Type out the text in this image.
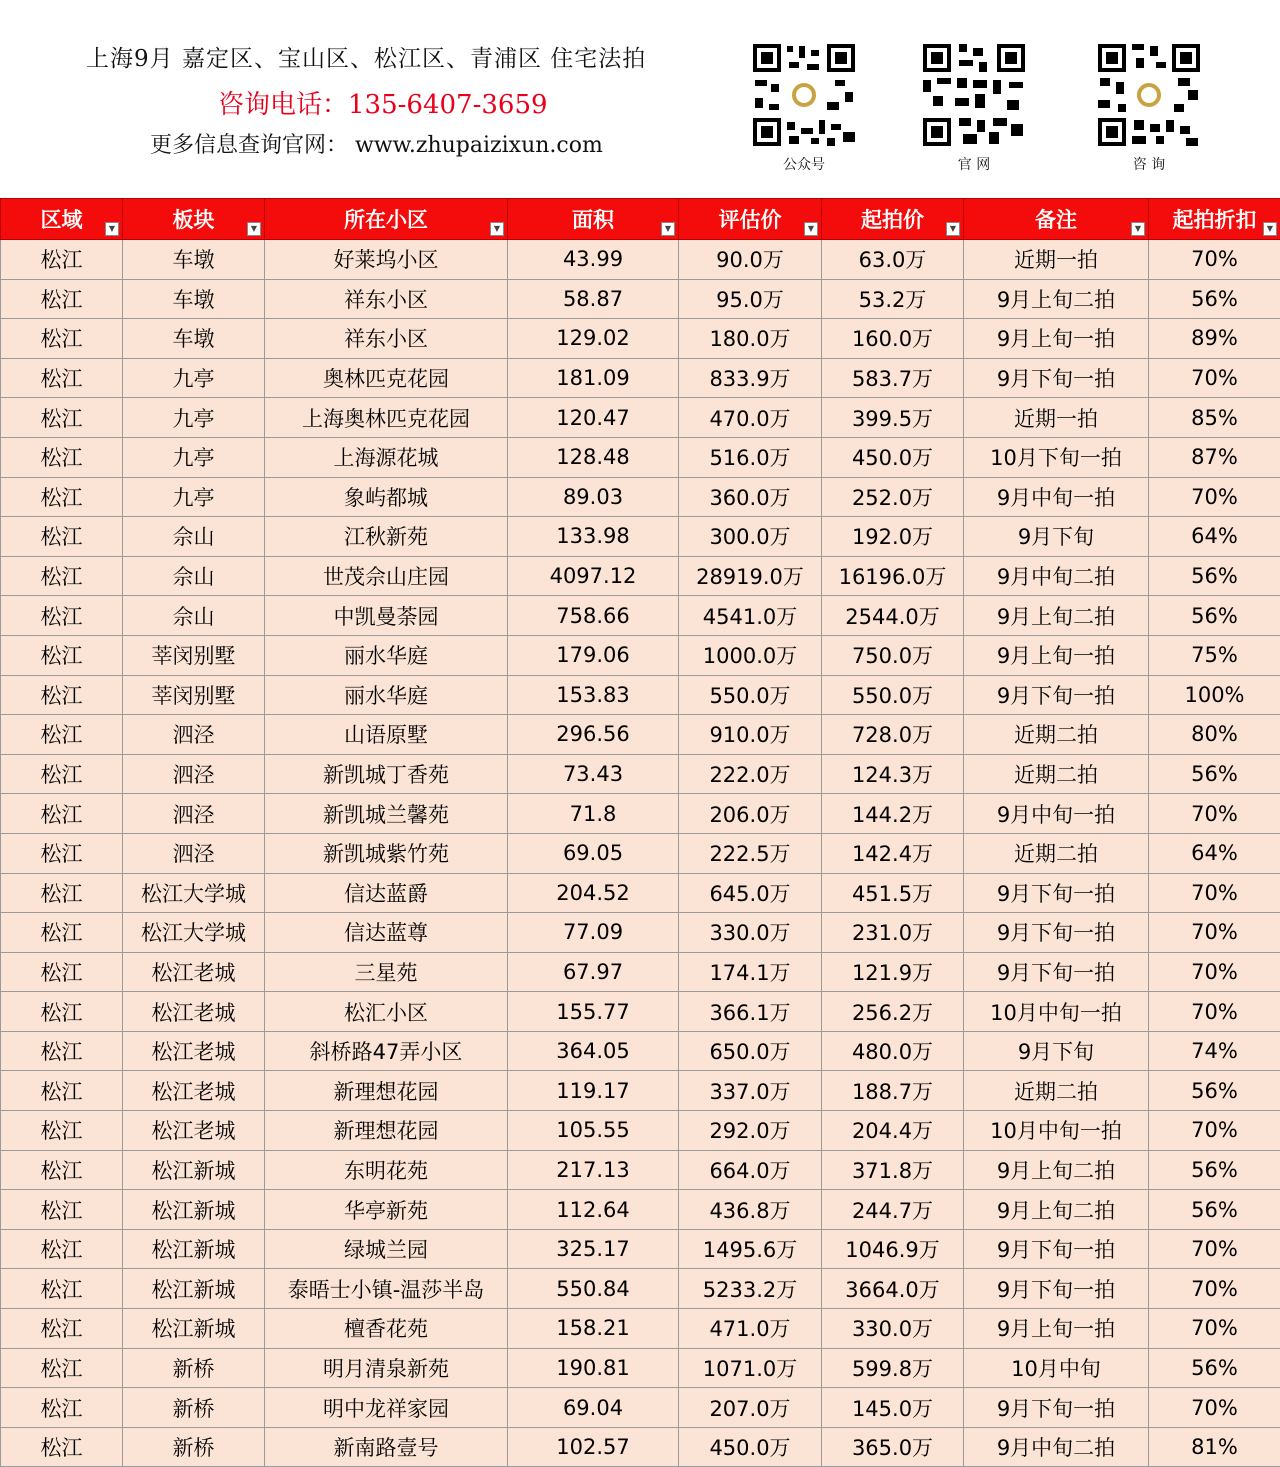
上海9月 嘉定区、宝山区、松江区、青浦区 住宅法拍
咨询电话：135-6407-3659
更多信息查询官网： www.zhupaizixun.com
公众号	官 网	咨 询
区域 ▼	板块 ▼	所在小区 ▼	面积 ▼	评估价 ▼	起拍价 ▼	备注 ▼	起拍折扣 ▼

松江	车墩	好莱坞小区	43.99	90.0万	63.0万	近期一拍	70%
松江	车墩	祥东小区	58.87	95.0万	53.2万	9月上旬二拍	56%
松江	车墩	祥东小区	129.02	180.0万	160.0万	9月上旬一拍	89%
松江	九亭	奥林匹克花园	181.09	833.9万	583.7万	9月下旬一拍	70%
松江	九亭	上海奥林匹克花园	120.47	470.0万	399.5万	近期一拍	85%
松江	九亭	上海源花城	128.48	516.0万	450.0万	10月下旬一拍	87%
松江	九亭	象屿都城	89.03	360.0万	252.0万	9月中旬一拍	70%
松江	佘山	江秋新苑	133.98	300.0万	192.0万	9月下旬	64%
松江	佘山	世茂佘山庄园	4097.12	28919.0万	16196.0万	9月中旬二拍	56%
松江	佘山	中凯曼荼园	758.66	4541.0万	2544.0万	9月上旬二拍	56%
松江	莘闵别墅	丽水华庭	179.06	1000.0万	750.0万	9月上旬一拍	75%
松江	莘闵别墅	丽水华庭	153.83	550.0万	550.0万	9月下旬一拍	100%
松江	泗泾	山语原墅	296.56	910.0万	728.0万	近期二拍	80%
松江	泗泾	新凯城丁香苑	73.43	222.0万	124.3万	近期二拍	56%
松江	泗泾	新凯城兰馨苑	71.8	206.0万	144.2万	9月中旬一拍	70%
松江	泗泾	新凯城紫竹苑	69.05	222.5万	142.4万	近期二拍	64%
松江	松江大学城	信达蓝爵	204.52	645.0万	451.5万	9月下旬一拍	70%
松江	松江大学城	信达蓝尊	77.09	330.0万	231.0万	9月下旬一拍	70%
松江	松江老城	三星苑	67.97	174.1万	121.9万	9月下旬一拍	70%
松江	松江老城	松汇小区	155.77	366.1万	256.2万	10月中旬一拍	70%
松江	松江老城	斜桥路47弄小区	364.05	650.0万	480.0万	9月下旬	74%
松江	松江老城	新理想花园	119.17	337.0万	188.7万	近期二拍	56%
松江	松江老城	新理想花园	105.55	292.0万	204.4万	10月中旬一拍	70%
松江	松江新城	东明花苑	217.13	664.0万	371.8万	9月上旬二拍	56%
松江	松江新城	华亭新苑	112.64	436.8万	244.7万	9月上旬二拍	56%
松江	松江新城	绿城兰园	325.17	1495.6万	1046.9万	9月下旬一拍	70%
松江	松江新城	泰晤士小镇-温莎半岛	550.84	5233.2万	3664.0万	9月下旬一拍	70%
松江	松江新城	檀香花苑	158.21	471.0万	330.0万	9月上旬一拍	70%
松江	新桥	明月清泉新苑	190.81	1071.0万	599.8万	10月中旬	56%
松江	新桥	明中龙祥家园	69.04	207.0万	145.0万	9月下旬一拍	70%
松江	新桥	新南路壹号	102.57	450.0万	365.0万	9月中旬二拍	81%
